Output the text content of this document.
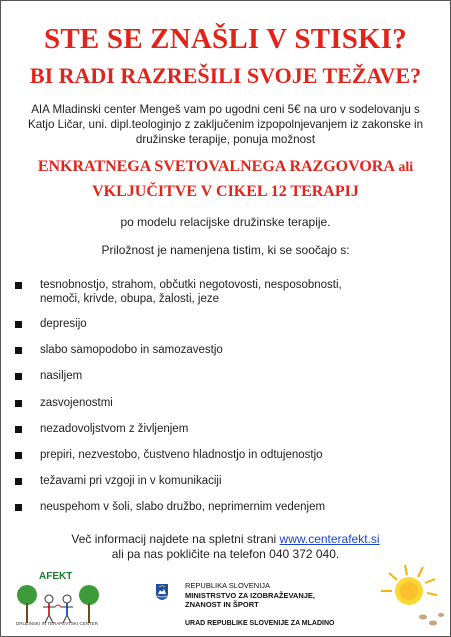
STE SE ZNAŠLI V STISKI?
BI RADI RAZREŠILI SVOJE TEŽAVE?
AIA Mladinski center Mengeš vam po ugodni ceni 5€ na uro v sodelovanju s
Katjo Ličar, uni. dipl.teologinjo z zaključenim izpopolnjevanjem iz zakonske in
družinske terapije, ponuja možnost
ENKRATNEGA SVETOVALNEGA RAZGOVORA ali
VKLJUČITVE V CIKEL 12 TERAPIJ
po modelu relacijske družinske terapije.
Priložnost je namenjena tistim, ki se soočajo s:
tesnobnostjo, strahom, občutki negotovosti, nesposobnosti,
nemoči, krivde, obupa, žalosti, jeze
depresijo
slabo samopodobo in samozavestjo
nasiljem
zasvojenostmi
nezadovoljstvom z življenjem
prepiri, nezvestobo, čustveno hladnostjo in odtujenostjo
težavami pri vzgoji in v komunikaciji
neuspehom v šoli, slabo družbo, neprimernim vedenjem
Več informacij najdete na spletni strani www.centerafekt.si
ali pa nas pokličite na telefon 040 372 040.
AFEKT
DRUŽINSKI IN TERAPEVTSKI CENTER
REPUBLIKA SLOVENIJA
MINISTRSTVO ZA IZOBRAŽEVANJE,
ZNANOST IN ŠPORT
URAD REPUBLIKE SLOVENIJE ZA MLADINO
